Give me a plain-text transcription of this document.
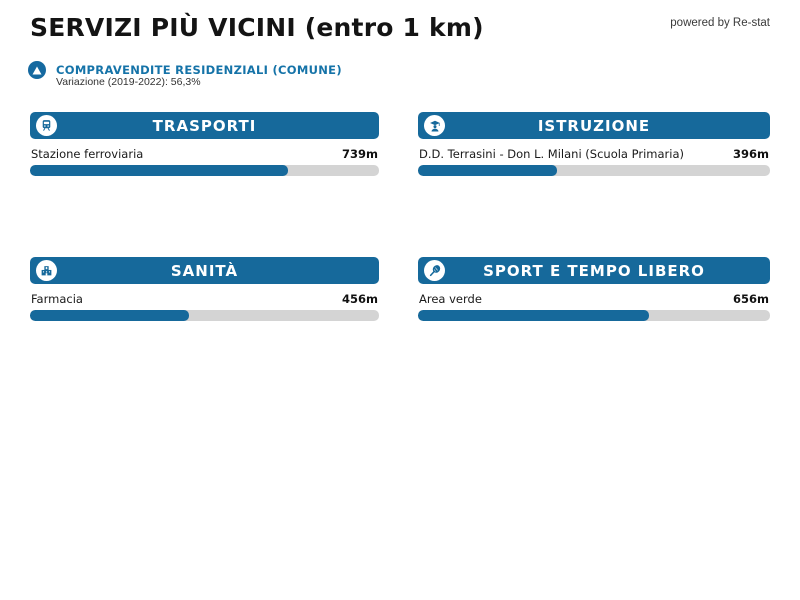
SERVIZI PIÙ VICINI (entro 1 km)	powered by Re-stat
COMPRAVENDITE RESIDENZIALI (COMUNE)
Variazione (2019-2022): 56,3%
TRASPORTI
Stazione ferroviaria	739m
ISTRUZIONE
D.D. Terrasini - Don L. Milani (Scuola Primaria)	396m
SANITÀ
Farmacia	456m
SPORT E TEMPO LIBERO
Area verde	656m
